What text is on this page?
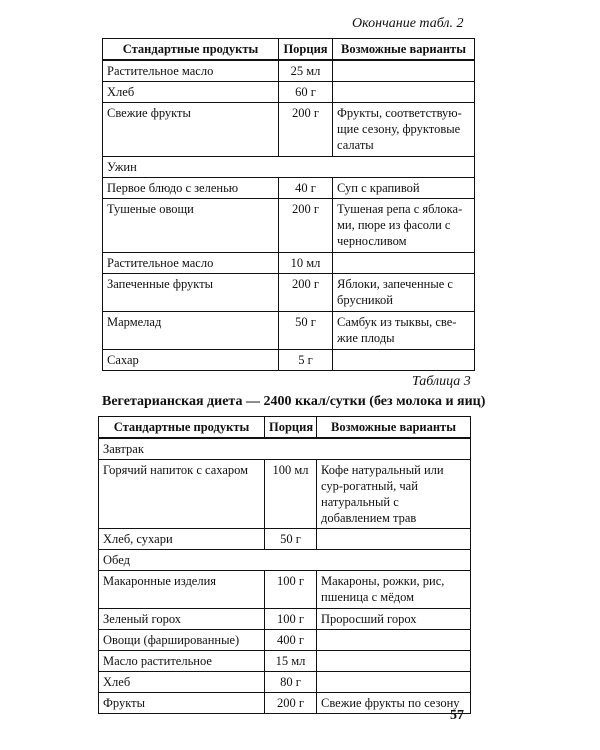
Окончание табл. 2
Стандартные продукты	Порция	Возможные варианты
Растительное масло	25 мл	
Хлеб	60 г	
Свежие фрукты	200 г	Фрукты, соответствую-щие сезону, фруктовые салаты
Ужин		
Первое блюдо с зеленью	40 г	Суп с крапивой
Тушеные овощи	200 г	Тушеная репа с яблока-ми, пюре из фасоли с черносливом
Растительное масло	10 мл	
Запеченные фрукты	200 г	Яблоки, запеченные с брусникой
Мармелад	50 г	Самбук из тыквы, све-жие плоды
Сахар	5 г	
Таблица 3
Вегетарианская диета — 2400 ккал/сутки (без молока и яиц)
Стандартные продукты	Порция	Возможные варианты
Завтрак		
Горячий напиток с сахаром	100 мл	Кофе натуральный или сур-рогатный, чай натуральный с добавлением трав
Хлеб, сухари	50 г	
Обед		
Макаронные изделия	100 г	Макароны, рожки, рис, пшеница с мёдом
Зеленый горох	100 г	Проросший горох
Овощи (фаршированные)	400 г	
Масло растительное	15 мл	
Хлеб	80 г	
Фрукты	200 г	Свежие фрукты по сезону
57
